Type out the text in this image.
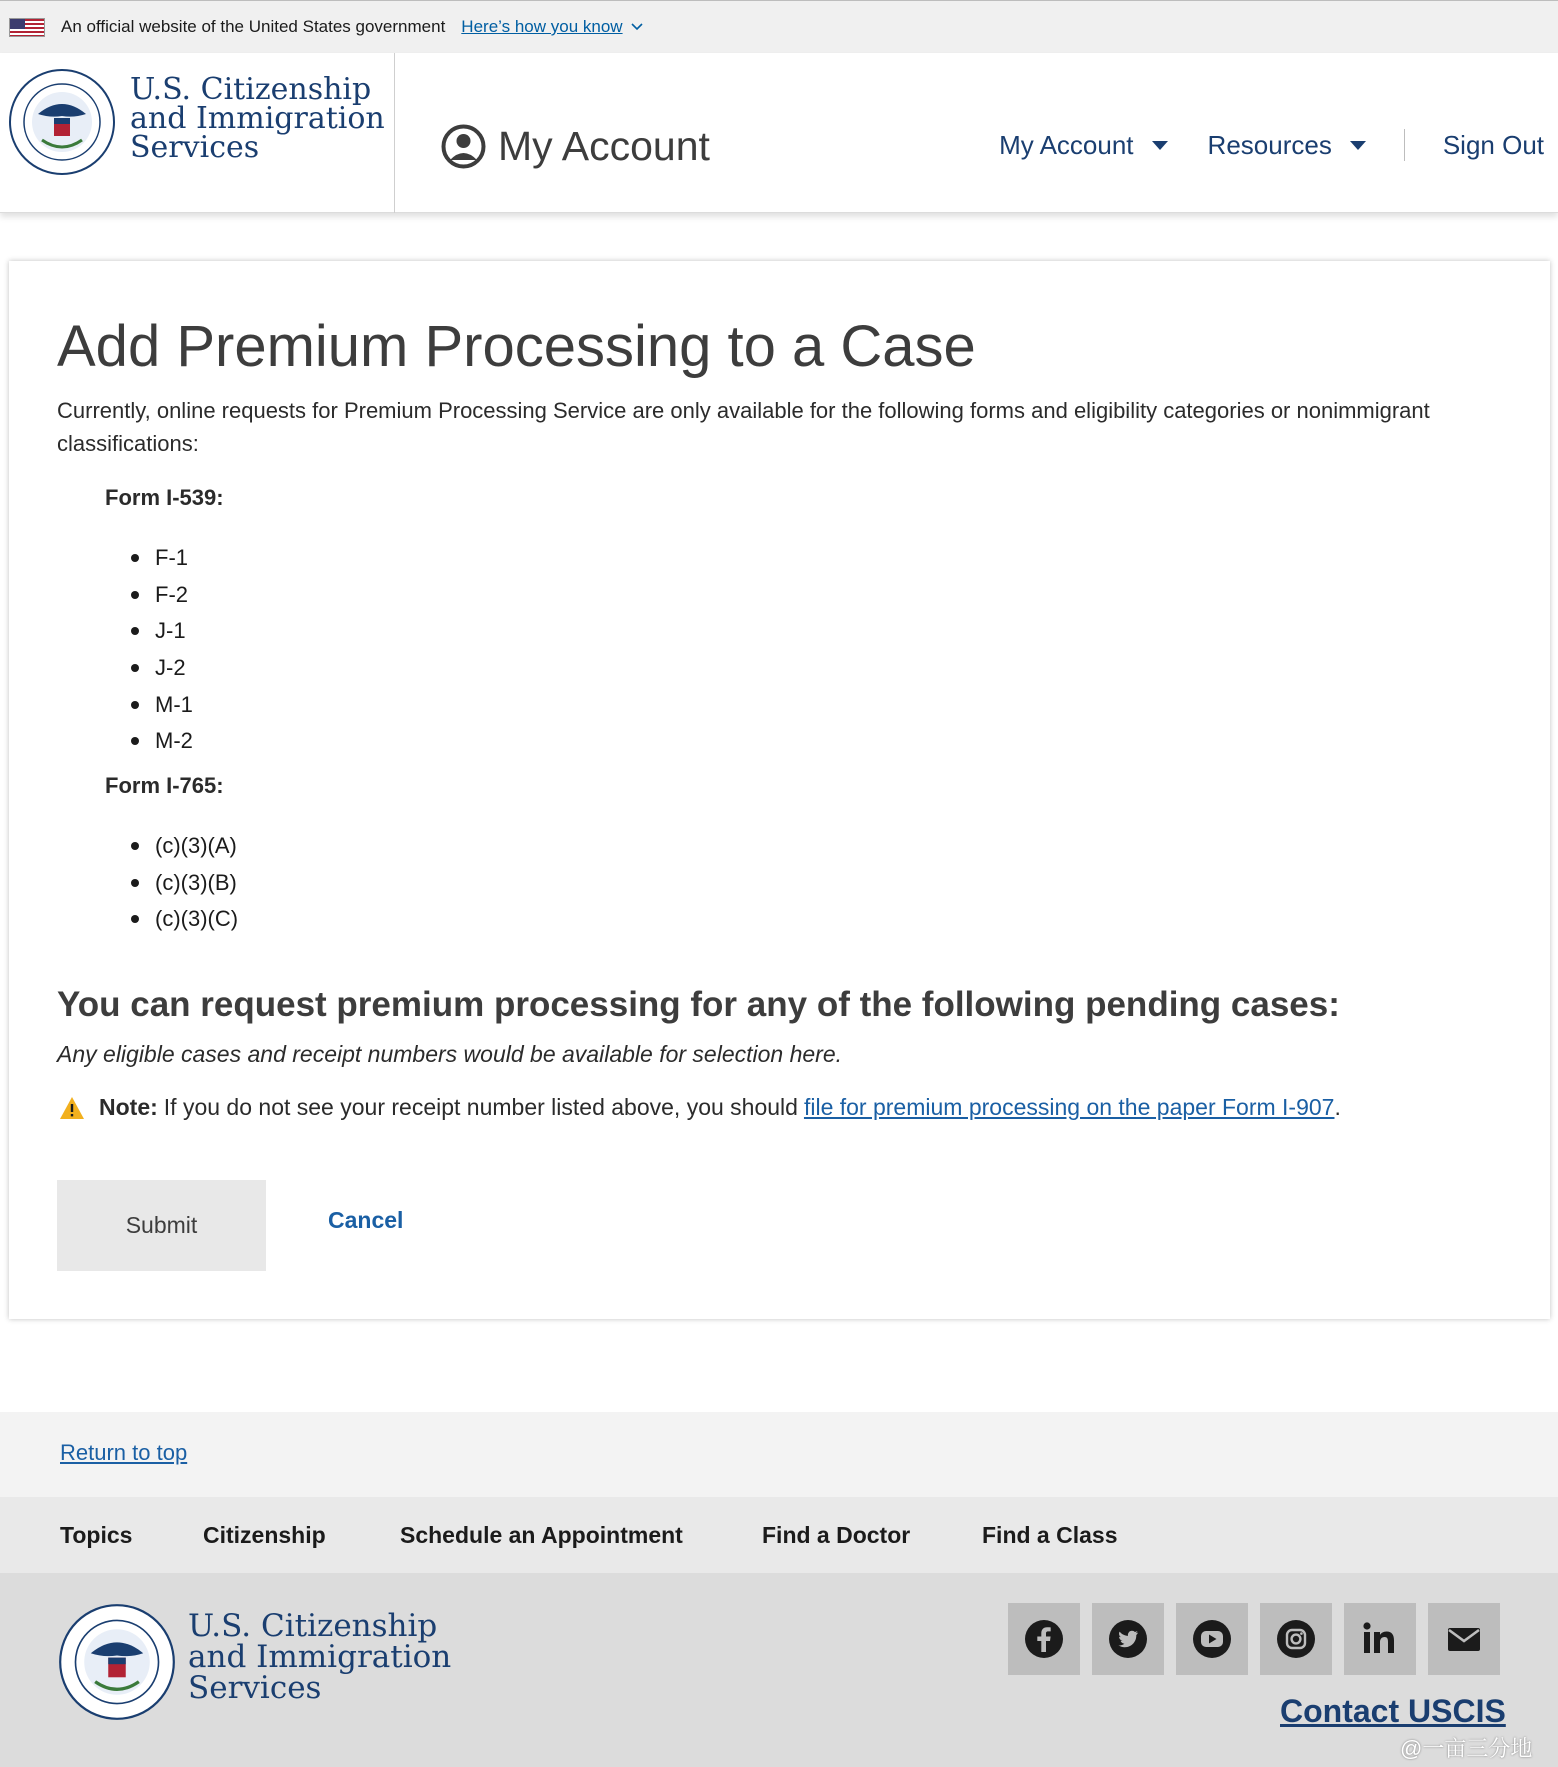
An official website of the United States government Here’s how you know
U.S. Citizenship
and Immigration
Services	My Account	My Account	Resources	Sign Out
Add Premium Processing to a Case

Currently, online requests for Premium Processing Service are only available for the following forms and eligibility categories or nonimmigrant classifications:

Form I-539:
F-1
F-2
J-1
J-2
M-1
M-2
Form I-765:
(c)(3)(A)
(c)(3)(B)
(c)(3)(C)
You can request premium processing for any of the following pending cases:

Any eligible cases and receipt numbers would be available for selection here.

Note: If you do not see your receipt number listed above, you should file for premium processing on the paper Form I-907 .
Submit	Cancel
Return to top
Topics	Citizenship	Schedule an Appointment	Find a Doctor	Find a Class
U.S. Citizenship
and Immigration
Services
Contact USCIS
@一亩三分地
